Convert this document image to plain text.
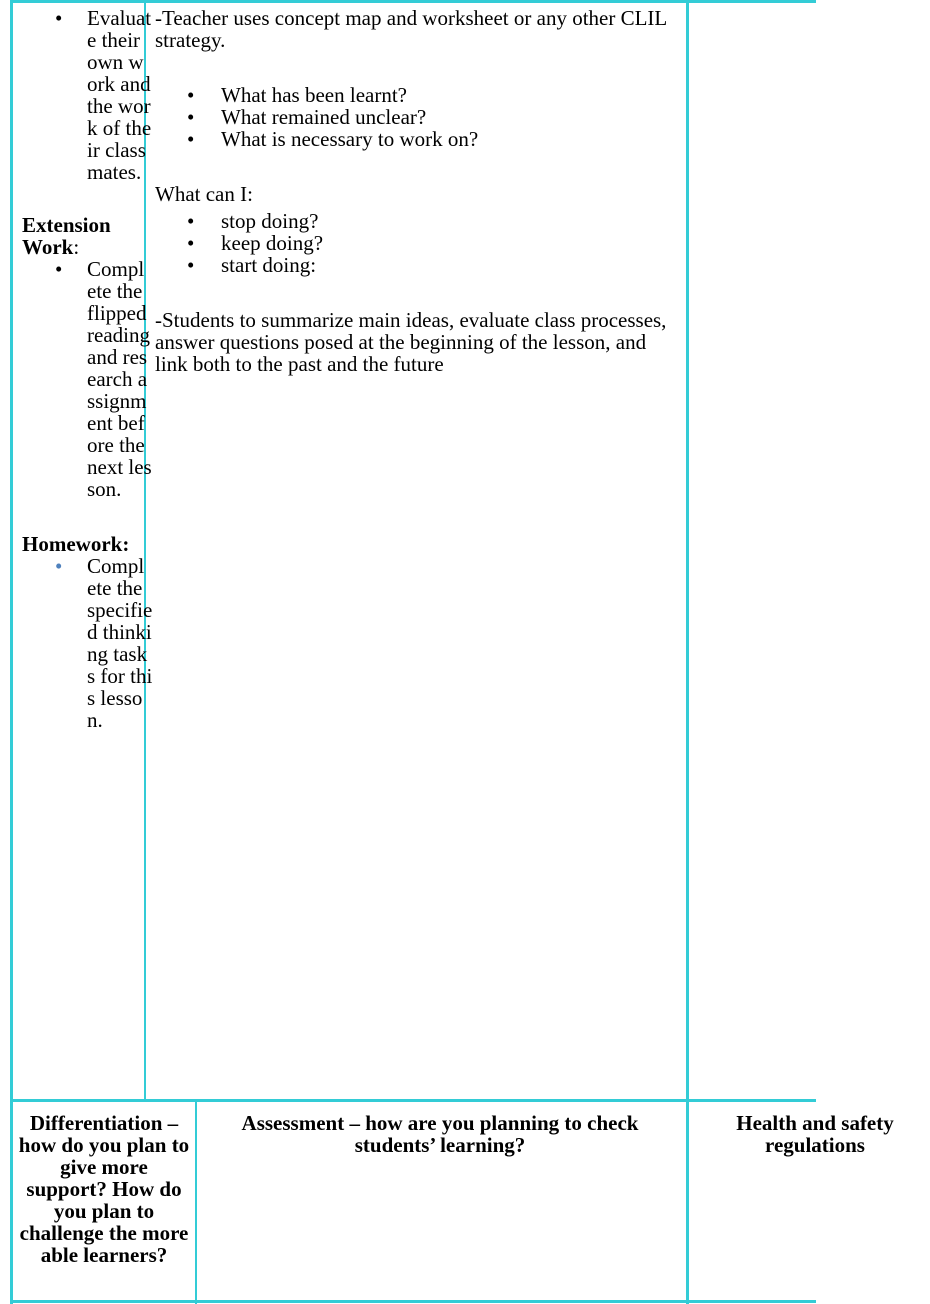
• Evaluate their own work and the work of their classmates.
Extension Work:
• Complete the flipped reading and research assignment before the next lesson.
Homework:
• Complete the specified thinking tasks for this lesson.
-Teacher uses concept map and worksheet or any other CLIL strategy.
• What has been learnt?
• What remained unclear?
• What is necessary to work on?
What can I:
• stop doing?
• keep doing?
• start doing:
-Students to summarize main ideas, evaluate class processes, answer questions posed at the beginning of the lesson, and link both to the past and the future
Differentiation – how do you plan to give more support? How do you plan to challenge the more able learners?
Assessment – how are you planning to check students’ learning?
Health and safety regulations
